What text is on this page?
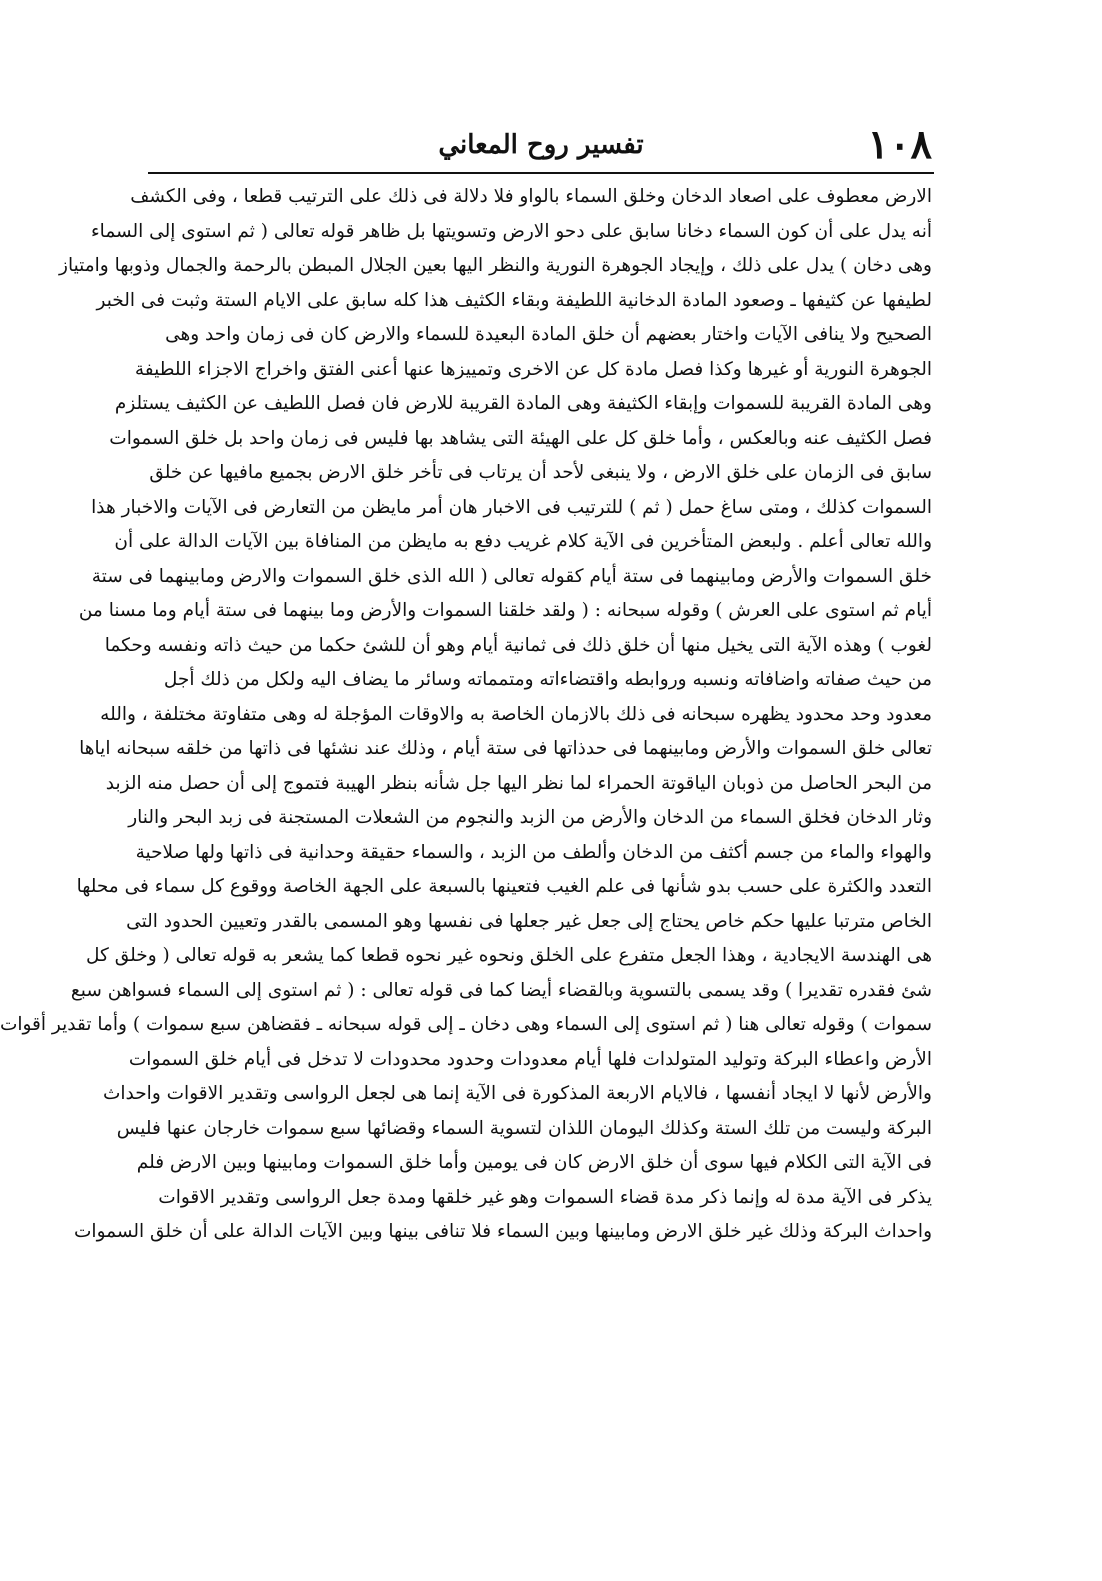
١٠٨
تفسير روح المعاني
الارض معطوف على اصعاد الدخان وخلق السماء بالواو فلا دلالة فى ذلك على الترتيب قطعا ، وفى الكشف
أنه يدل على أن كون السماء دخانا سابق على دحو الارض وتسويتها بل ظاهر قوله تعالى ( ثم استوى إلى السماء
وهى دخان ) يدل على ذلك ، وإيجاد الجوهرة النورية والنظر اليها بعين الجلال المبطن بالرحمة والجمال وذوبها وامتياز
لطيفها عن كثيفها ـ وصعود المادة الدخانية اللطيفة وبقاء الكثيف هذا كله سابق على الايام الستة وثبت فى الخبر
الصحيح ولا ينافى الآيات واختار بعضهم أن خلق المادة البعيدة للسماء والارض كان فى زمان واحد وهى
الجوهرة النورية أو غيرها وكذا فصل مادة كل عن الاخرى وتمييزها عنها أعنى الفتق واخراج الاجزاء اللطيفة
وهى المادة القريبة للسموات وإبقاء الكثيفة وهى المادة القريبة للارض فان فصل اللطيف عن الكثيف يستلزم
فصل الكثيف عنه وبالعكس ، وأما خلق كل على الهيئة التى يشاهد بها فليس فى زمان واحد بل خلق السموات
سابق فى الزمان على خلق الارض ، ولا ينبغى لأحد أن يرتاب فى تأخر خلق الارض بجميع مافيها عن خلق
السموات كذلك ، ومتى ساغ حمل ( ثم ) للترتيب فى الاخبار هان أمر مايظن من التعارض فى الآيات والاخبار هذا
والله تعالى أعلم . ولبعض المتأخرين فى الآية كلام غريب دفع به مايظن من المنافاة بين الآيات الدالة على أن
خلق السموات والأرض ومابينهما فى ستة أيام كقوله تعالى ( الله الذى خلق السموات والارض ومابينهما فى ستة
أيام ثم استوى على العرش ) وقوله سبحانه : ( ولقد خلقنا السموات والأرض وما بينهما فى ستة أيام وما مسنا من
لغوب ) وهذه الآية التى يخيل منها أن خلق ذلك فى ثمانية أيام وهو أن للشئ حكما من حيث ذاته ونفسه وحكما
من حيث صفاته واضافاته ونسبه وروابطه واقتضاءاته ومتمماته وسائر ما يضاف اليه ولكل من ذلك أجل
معدود وحد محدود يظهره سبحانه فى ذلك بالازمان الخاصة به والاوقات المؤجلة له وهى متفاوتة مختلفة ، والله
تعالى خلق السموات والأرض ومابينهما فى حدذاتها فى ستة أيام ، وذلك عند نشئها فى ذاتها من خلقه سبحانه اياها
من البحر الحاصل من ذوبان الياقوتة الحمراء لما نظر اليها جل شأنه بنظر الهيبة فتموج إلى أن حصل منه الزبد
وثار الدخان فخلق السماء من الدخان والأرض من الزبد والنجوم من الشعلات المستجنة فى زبد البحر والنار
والهواء والماء من جسم أكثف من الدخان وألطف من الزبد ، والسماء حقيقة وحدانية فى ذاتها ولها صلاحية
التعدد والكثرة على حسب بدو شأنها فى علم الغيب فتعينها بالسبعة على الجهة الخاصة ووقوع كل سماء فى محلها
الخاص مترتبا عليها حكم خاص يحتاج إلى جعل غير جعلها فى نفسها وهو المسمى بالقدر وتعيين الحدود التى
هى الهندسة الايجادية ، وهذا الجعل متفرع على الخلق ونحوه غير نحوه قطعا كما يشعر به قوله تعالى ( وخلق كل
شئ فقدره تقديرا ) وقد يسمى بالتسوية وبالقضاء أيضا كما فى قوله تعالى : ( ثم استوى إلى السماء فسواهن سبع
سموات ) وقوله تعالى هنا ( ثم استوى إلى السماء وهى دخان ـ إلى قوله سبحانه ـ فقضاهن سبع سموات ) وأما تقدير أقوات
الأرض واعطاء البركة وتوليد المتولدات فلها أيام معدودات وحدود محدودات لا تدخل فى أيام خلق السموات
والأرض لأنها لا ايجاد أنفسها ، فالايام الاربعة المذكورة فى الآية إنما هى لجعل الرواسى وتقدير الاقوات واحداث
البركة وليست من تلك الستة وكذلك اليومان اللذان لتسوية السماء وقضائها سبع سموات خارجان عنها فليس
فى الآية التى الكلام فيها سوى أن خلق الارض كان فى يومين وأما خلق السموات ومابينها وبين الارض فلم
يذكر فى الآية مدة له وإنما ذكر مدة قضاء السموات وهو غير خلقها ومدة جعل الرواسى وتقدير الاقوات
واحداث البركة وذلك غير خلق الارض ومابينها وبين السماء فلا تنافى بينها وبين الآيات الدالة على أن خلق السموات
